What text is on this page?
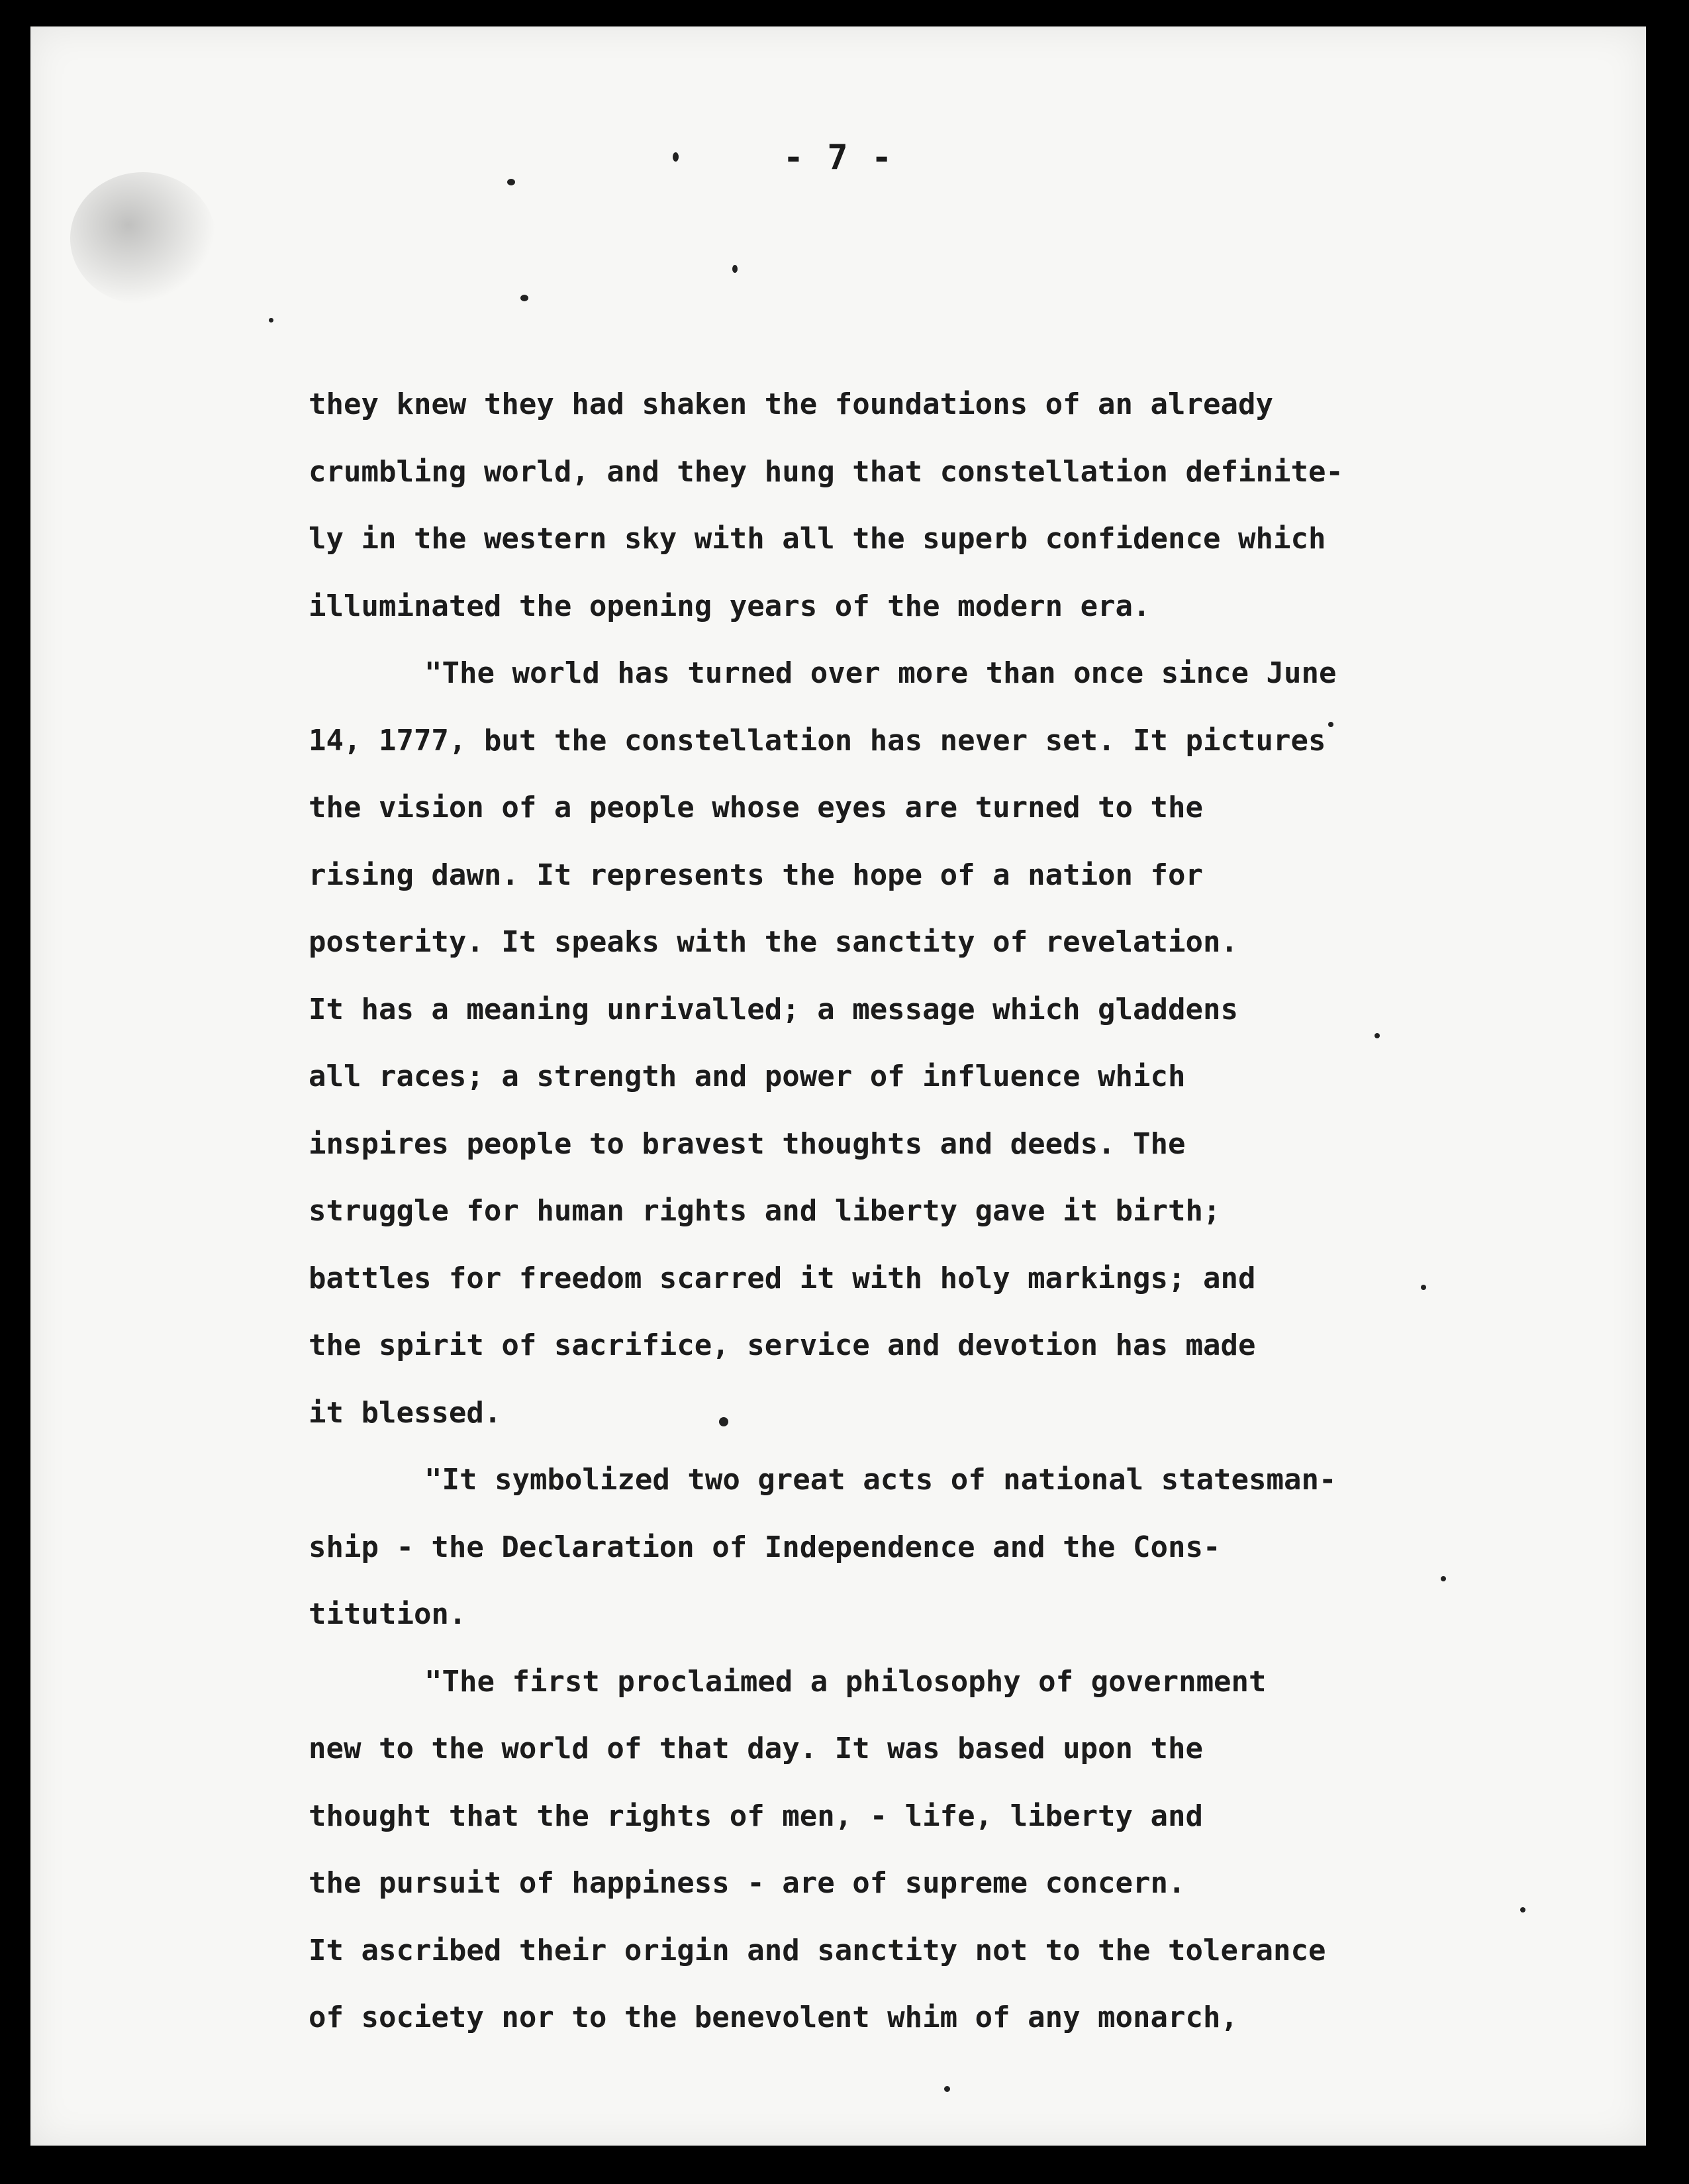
- 7 -
they knew they had shaken the foundations of an already
crumbling world, and they hung that constellation definite-
ly in the western sky with all the superb confidence which
illuminated the opening years of the modern era.
"The world has turned over more than once since June
14, 1777, but the constellation has never set. It pictures
the vision of a people whose eyes are turned to the
rising dawn. It represents the hope of a nation for
posterity. It speaks with the sanctity of revelation.
It has a meaning unrivalled; a message which gladdens
all races; a strength and power of influence which
inspires people to bravest thoughts and deeds. The
struggle for human rights and liberty gave it birth;
battles for freedom scarred it with holy markings; and
the spirit of sacrifice, service and devotion has made
it blessed.
"It symbolized two great acts of national statesman-
ship - the Declaration of Independence and the Cons-
titution.
"The first proclaimed a philosophy of government
new to the world of that day. It was based upon the
thought that the rights of men, - life, liberty and
the pursuit of happiness - are of supreme concern.
It ascribed their origin and sanctity not to the tolerance
of society nor to the benevolent whim of any monarch,
